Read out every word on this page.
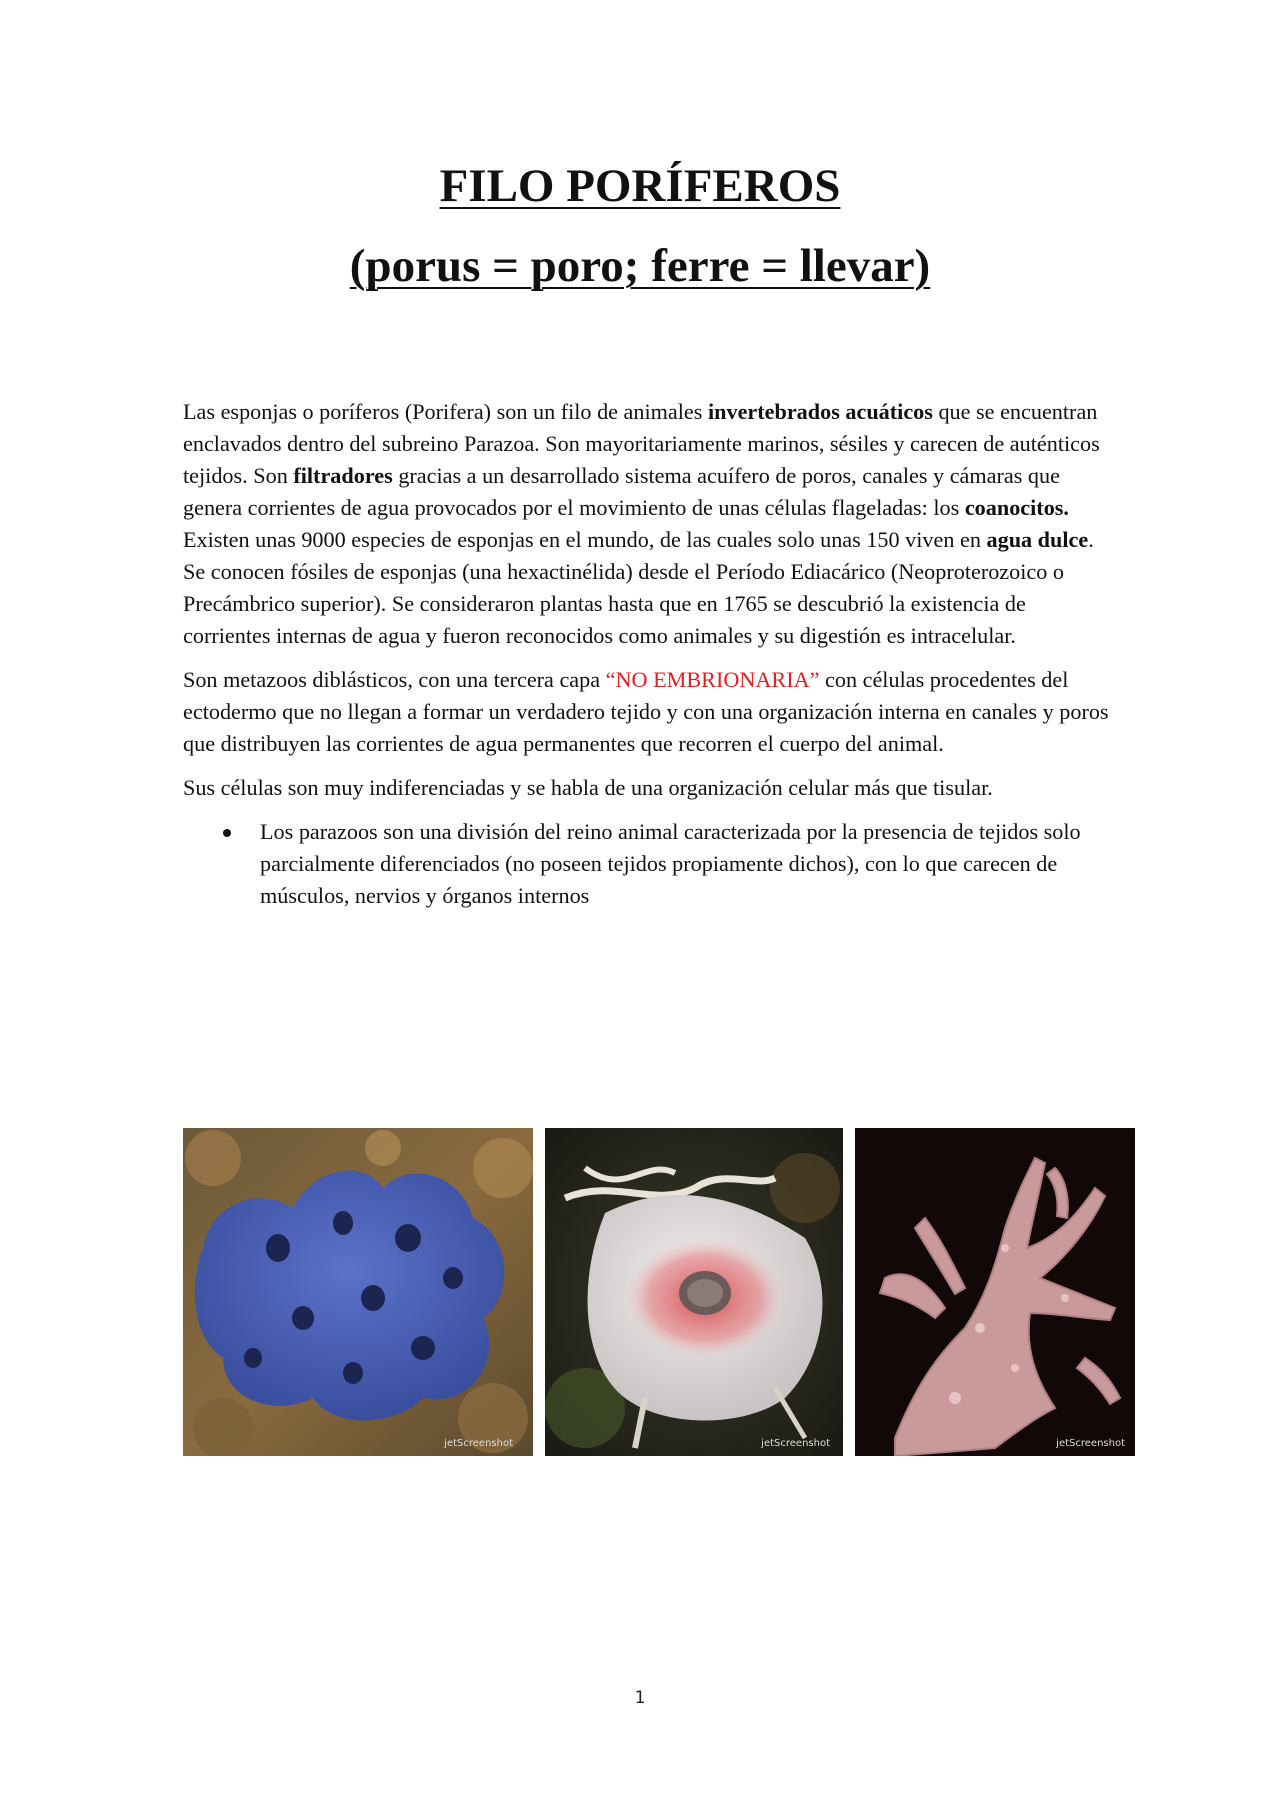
FILO PORÍFEROS
(porus = poro; ferre = llevar)

Las esponjas o poríferos (Porifera) son un filo de animales invertebrados acuáticos que se encuentran enclavados dentro del subreino Parazoa. Son mayoritariamente marinos, sésiles y carecen de auténticos tejidos. Son filtradores gracias a un desarrollado sistema acuífero de poros, canales y cámaras que genera corrientes de agua provocados por el movimiento de unas células flageladas: los coanocitos. Existen unas 9000 especies de esponjas en el mundo, de las cuales solo unas 150 viven en agua dulce. Se conocen fósiles de esponjas (una hexactinélida) desde el Período Ediacárico (Neoproterozoico o Precámbrico superior). Se consideraron plantas hasta que en 1765 se descubrió la existencia de corrientes internas de agua y fueron reconocidos como animales y su digestión es intracelular.

Son metazoos diblásticos, con una tercera capa “NO EMBRIONARIA” con células procedentes del ectodermo que no llegan a formar un verdadero tejido y con una organización interna en canales y poros que distribuyen las corrientes de agua permanentes que recorren el cuerpo del animal.

Sus células son muy indiferenciadas y se habla de una organización celular más que tisular.

Los parazoos son una división del reino animal caracterizada por la presencia de tejidos solo parcialmente diferenciados (no poseen tejidos propiamente dichos), con lo que carecen de músculos, nervios y órganos internos
jetScreenshot	jetScreenshot	jetScreenshot
1
